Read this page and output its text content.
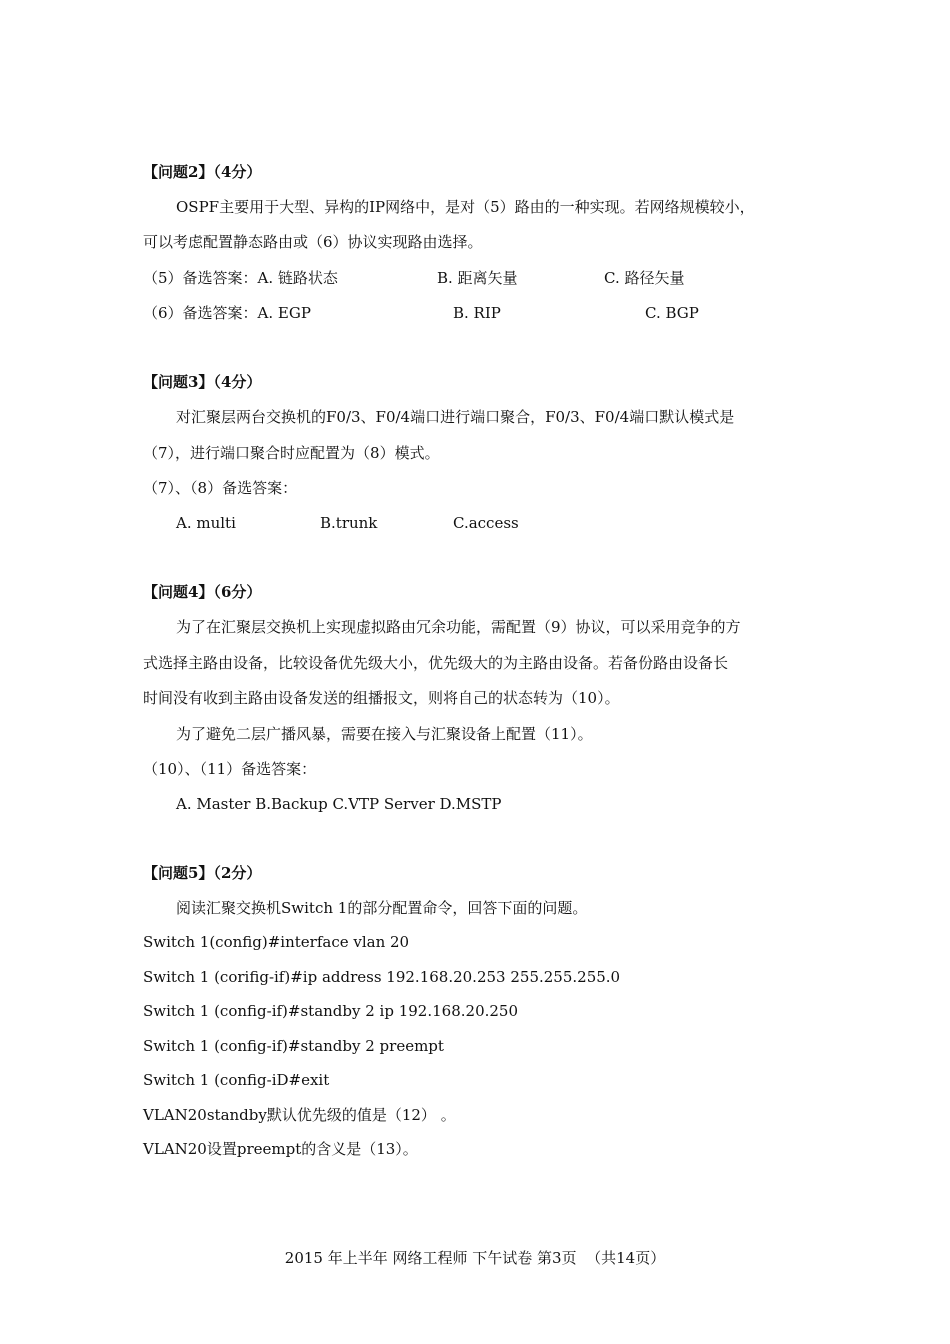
【问题2】（4分）
OSPF主要用于大型、异构的IP网络中，是对（5）路由的一种实现。若网络规模较小，
可以考虑配置静态路由或（6）协议实现路由选择。
（5）备选答案：A. 链路状态	B. 距离矢量	C. 路径矢量
（6）备选答案：A. EGP	B. RIP	C. BGP
【问题3】（4分）
对汇聚层两台交换机的F0/3、F0/4端口进行端口聚合，F0/3、F0/4端口默认模式是
（7），进行端口聚合时应配置为（8）模式。
（7）、（8）备选答案：
A. multi	B.trunk	C.access
【问题4】（6分）
为了在汇聚层交换机上实现虚拟路由冗余功能，需配置（9）协议，可以采用竞争的方
式选择主路由设备，比较设备优先级大小，优先级大的为主路由设备。若备份路由设备长
时间没有收到主路由设备发送的组播报文，则将自己的状态转为（10）。
为了避免二层广播风暴，需要在接入与汇聚设备上配置（11）。
（10）、（11）备选答案：
A. Master B.Backup C.VTP Server D.MSTP
【问题5】（2分）
阅读汇聚交换机Switch 1的部分配置命令，回答下面的问题。
Switch 1(config)#interface vlan 20
Switch 1 (corifig-if)#ip address 192.168.20.253 255.255.255.0
Switch 1 (config-if)#standby 2 ip 192.168.20.250
Switch 1 (config-if)#standby 2 preempt
Switch 1 (config-iD#exit
VLAN20standby默认优先级的值是（12） 。
VLAN20设置preempt的含义是（13）。
2015 年上半年 网络工程师 下午试卷 第3页  （共14页）
